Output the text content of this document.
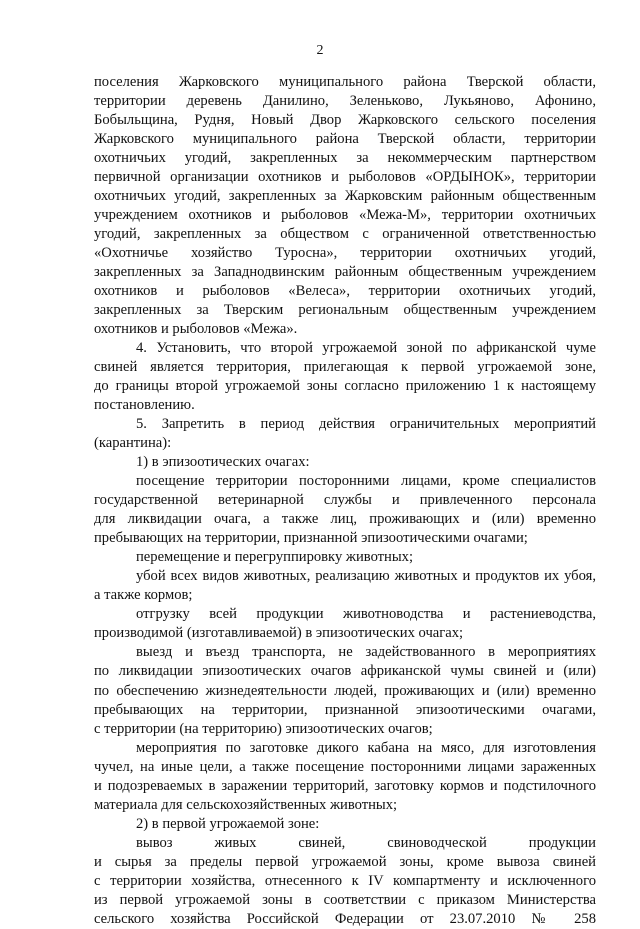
2
поселения Жарковского муниципального района Тверской области,
территории деревень Данилино, Зеленьково, Лукьяново, Афонино,
Бобыльщина, Рудня, Новый Двор Жарковского сельского поселения
Жарковского муниципального района Тверской области, территории
охотничьих угодий, закрепленных за некоммерческим партнерством
первичной организации охотников и рыболовов «ОРДЫНОК», территории
охотничьих угодий, закрепленных за Жарковским районным общественным
учреждением охотников и рыболовов «Межа-М», территории охотничьих
угодий, закрепленных за обществом с ограниченной ответственностью
«Охотничье хозяйство Туросна», территории охотничьих угодий,
закрепленных за Западнодвинским районным общественным учреждением
охотников и рыболовов «Велеса», территории охотничьих угодий,
закрепленных за Тверским региональным общественным учреждением
охотников и рыболовов «Межа».
4. Установить, что второй угрожаемой зоной по африканской чуме
свиней является территория, прилегающая к первой угрожаемой зоне,
до границы второй угрожаемой зоны согласно приложению 1 к настоящему
постановлению.
5. Запретить в период действия ограничительных мероприятий
(карантина):
1) в эпизоотических очагах:
посещение территории посторонними лицами, кроме специалистов
государственной ветеринарной службы и привлеченного персонала
для ликвидации очага, а также лиц, проживающих и (или) временно
пребывающих на территории, признанной эпизоотическими очагами;
перемещение и перегруппировку животных;
убой всех видов животных, реализацию животных и продуктов их убоя,
а также кормов;
отгрузку всей продукции животноводства и растениеводства,
производимой (изготавливаемой) в эпизоотических очагах;
выезд и въезд транспорта, не задействованного в мероприятиях
по ликвидации эпизоотических очагов африканской чумы свиней и (или)
по обеспечению жизнедеятельности людей, проживающих и (или) временно
пребывающих на территории, признанной эпизоотическими очагами,
с территории (на территорию) эпизоотических очагов;
мероприятия по заготовке дикого кабана на мясо, для изготовления
чучел, на иные цели, а также посещение посторонними лицами зараженных
и подозреваемых в заражении территорий, заготовку кормов и подстилочного
материала для сельскохозяйственных животных;
2) в первой угрожаемой зоне:
вывоз живых свиней, свиноводческой продукции
и сырья за пределы первой угрожаемой зоны, кроме вывоза свиней
с территории хозяйства, отнесенного к IV компартменту и исключенного
из первой угрожаемой зоны в соответствии с приказом Министерства
сельского хозяйства Российской Федерации от 23.07.2010 № 258
